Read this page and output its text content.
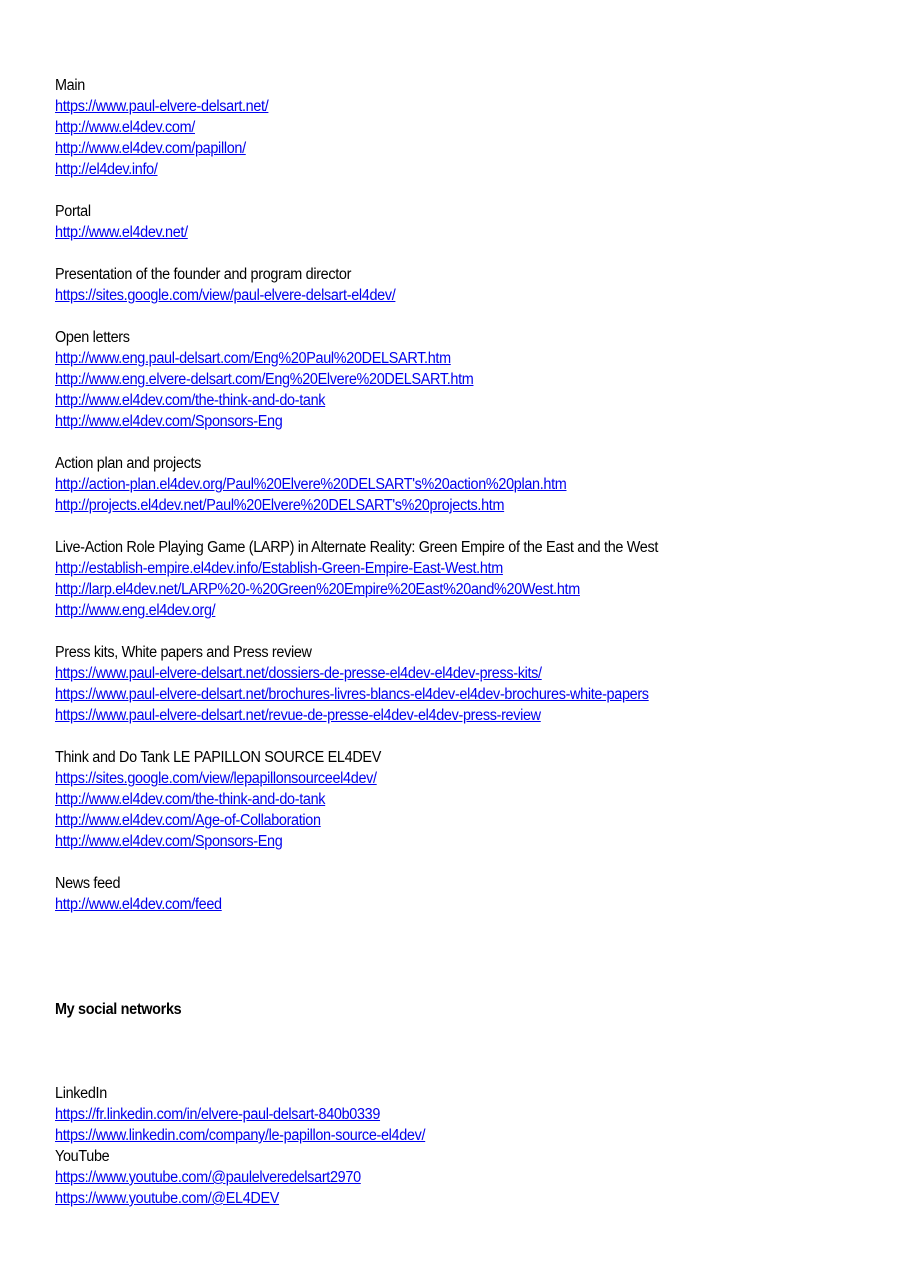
Main
https://www.paul-elvere-delsart.net/
http://www.el4dev.com/
http://www.el4dev.com/papillon/
http://el4dev.info/
Portal
http://www.el4dev.net/
Presentation of the founder and program director
https://sites.google.com/view/paul-elvere-delsart-el4dev/
Open letters
http://www.eng.paul-delsart.com/Eng%20Paul%20DELSART.htm
http://www.eng.elvere-delsart.com/Eng%20Elvere%20DELSART.htm
http://www.el4dev.com/the-think-and-do-tank
http://www.el4dev.com/Sponsors-Eng
Action plan and projects
http://action-plan.el4dev.org/Paul%20Elvere%20DELSART's%20action%20plan.htm
http://projects.el4dev.net/Paul%20Elvere%20DELSART's%20projects.htm
Live-Action Role Playing Game (LARP) in Alternate Reality: Green Empire of the East and the West
http://establish-empire.el4dev.info/Establish-Green-Empire-East-West.htm
http://larp.el4dev.net/LARP%20-%20Green%20Empire%20East%20and%20West.htm
http://www.eng.el4dev.org/
Press kits, White papers and Press review
https://www.paul-elvere-delsart.net/dossiers-de-presse-el4dev-el4dev-press-kits/
https://www.paul-elvere-delsart.net/brochures-livres-blancs-el4dev-el4dev-brochures-white-papers
https://www.paul-elvere-delsart.net/revue-de-presse-el4dev-el4dev-press-review
Think and Do Tank LE PAPILLON SOURCE EL4DEV
https://sites.google.com/view/lepapillonsourceel4dev/
http://www.el4dev.com/the-think-and-do-tank
http://www.el4dev.com/Age-of-Collaboration
http://www.el4dev.com/Sponsors-Eng
News feed
http://www.el4dev.com/feed
My social networks
LinkedIn
https://fr.linkedin.com/in/elvere-paul-delsart-840b0339
https://www.linkedin.com/company/le-papillon-source-el4dev/
YouTube
https://www.youtube.com/@paulelveredelsart2970
https://www.youtube.com/@EL4DEV
